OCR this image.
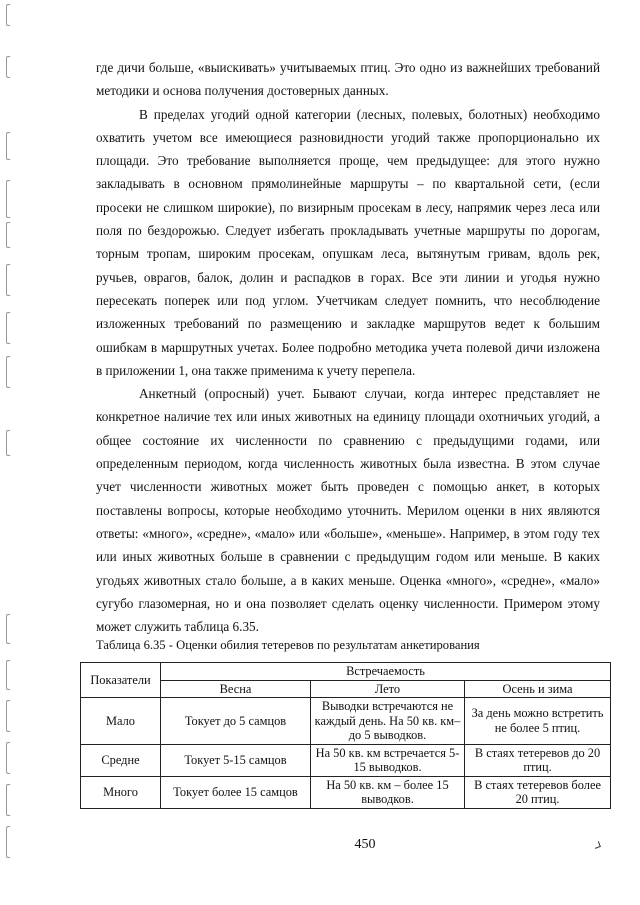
где дичи больше, «выискивать» учитываемых птиц. Это одно из важнейших требований методики и основа получения достоверных данных.

В пределах угодий одной категории (лесных, полевых, болотных) необходимо охватить учетом все имеющиеся разновидности угодий также пропорционально их площади. Это требование выполняется проще, чем предыдущее: для этого нужно закладывать в основном прямолинейные маршруты – по квартальной сети, (если просеки не слишком широкие), по визирным просекам в лесу, напрямик через леса или поля по бездорожью. Следует избегать прокладывать учетные маршруты по дорогам, торным тропам, широким просекам, опушкам леса, вытянутым гривам, вдоль рек, ручьев, оврагов, балок, долин и распадков в горах. Все эти линии и угодья нужно пересекать поперек или под углом. Учетчикам следует помнить, что несоблюдение изложенных требований по размещению и закладке маршрутов ведет к большим ошибкам в маршрутных учетах. Более подробно методика учета полевой дичи изложена в приложении 1, она также применима к учету перепела.

Анкетный (опросный) учет. Бывают случаи, когда интерес представляет не конкретное наличие тех или иных животных на единицу площади охотничьих угодий, а общее состояние их численности по сравнению с предыдущими годами, или определенным периодом, когда численность животных была известна. В этом случае учет численности животных может быть проведен с помощью анкет, в которых поставлены вопросы, которые необходимо уточнить. Мерилом оценки в них являются ответы: «много», «средне», «мало» или «больше», «меньше». Например, в этом году тех или иных животных больше в сравнении с предыдущим годом или меньше. В каких угодьях животных стало больше, а в каких меньше. Оценка «много», «средне», «мало» сугубо глазомерная, но и она позволяет сделать оценку численности. Примером этому может служить таблица 6.35.

Таблица 6.35 - Оценки обилия тетеревов по результатам анкетирования
Показатели	Встречаемость		
	Весна	Лето	Осень и зима
Мало	Токует до 5 самцов	Выводки встречаются не каждый день. На 50 кв. км– до 5 выводков.	За день можно встретить не более 5 птиц.
Средне	Токует 5-15 самцов	На 50 кв. км встречается 5-15 выводков.	В стаях тетеревов до 20 птиц.
Много	Токует более 15 самцов	На 50 кв. км – более 15 выводков.	В стаях тетеревов более 20 птиц.
450
